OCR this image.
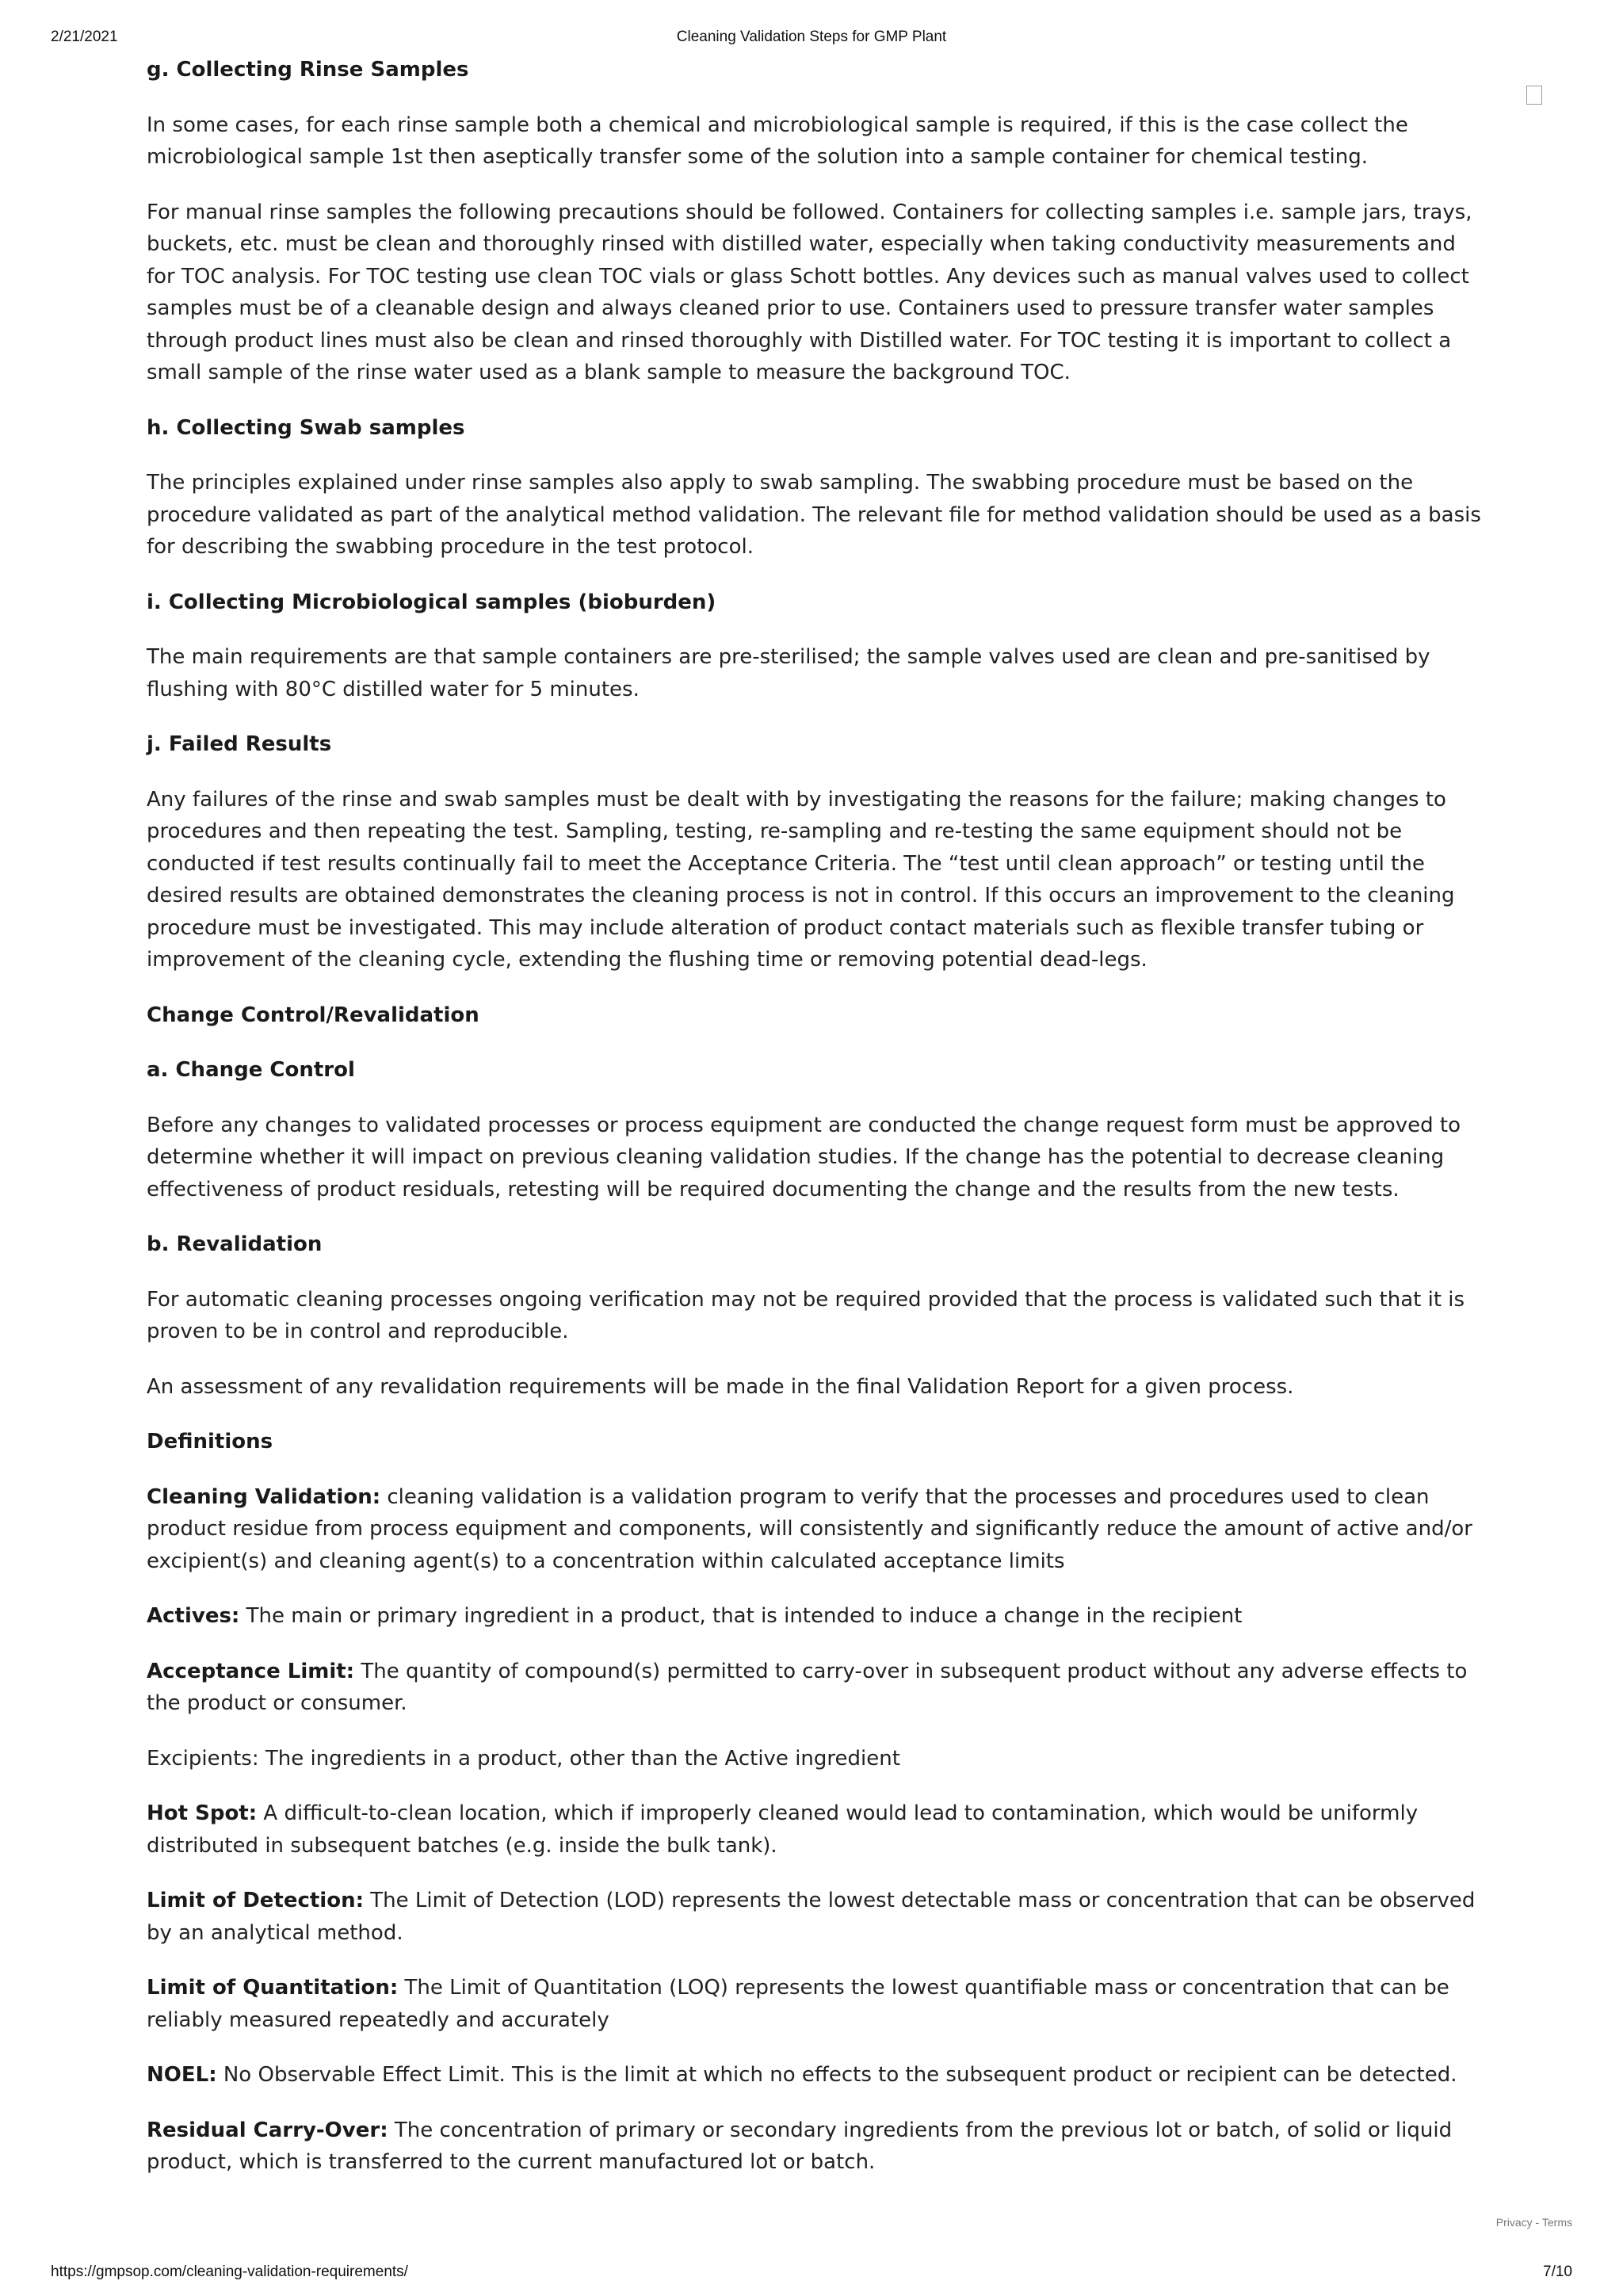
2/21/2021	Cleaning Validation Steps for GMP Plant
g. Collecting Rinse Samples

In some cases, for each rinse sample both a chemical and microbiological sample is required, if this is the case collect the microbiological sample 1st then aseptically transfer some of the solution into a sample container for chemical testing.

For manual rinse samples the following precautions should be followed. Containers for collecting samples i.e. sample jars, trays, buckets, etc. must be clean and thoroughly rinsed with distilled water, especially when taking conductivity measurements and for TOC analysis. For TOC testing use clean TOC vials or glass Schott bottles. Any devices such as manual valves used to collect samples must be of a cleanable design and always cleaned prior to use. Containers used to pressure transfer water samples through product lines must also be clean and rinsed thoroughly with Distilled water. For TOC testing it is important to collect a small sample of the rinse water used as a blank sample to measure the background TOC.

h. Collecting Swab samples

The principles explained under rinse samples also apply to swab sampling. The swabbing procedure must be based on the procedure validated as part of the analytical method validation. The relevant file for method validation should be used as a basis for describing the swabbing procedure in the test protocol.

i. Collecting Microbiological samples (bioburden)

The main requirements are that sample containers are pre-sterilised; the sample valves used are clean and pre-sanitised by flushing with 80°C distilled water for 5 minutes.

j. Failed Results

Any failures of the rinse and swab samples must be dealt with by investigating the reasons for the failure; making changes to procedures and then repeating the test. Sampling, testing, re-sampling and re-testing the same equipment should not be conducted if test results continually fail to meet the Acceptance Criteria. The “test until clean approach” or testing until the desired results are obtained demonstrates the cleaning process is not in control. If this occurs an improvement to the cleaning procedure must be investigated. This may include alteration of product contact materials such as flexible transfer tubing or improvement of the cleaning cycle, extending the flushing time or removing potential dead-legs.

Change Control/Revalidation
a. Change Control

Before any changes to validated processes or process equipment are conducted the change request form must be approved to determine whether it will impact on previous cleaning validation studies. If the change has the potential to decrease cleaning effectiveness of product residuals, retesting will be required documenting the change and the results from the new tests.

b. Revalidation

For automatic cleaning processes ongoing verification may not be required provided that the process is validated such that it is proven to be in control and reproducible.

An assessment of any revalidation requirements will be made in the final Validation Report for a given process.

Definitions

Cleaning Validation: cleaning validation is a validation program to verify that the processes and procedures used to clean product residue from process equipment and components, will consistently and significantly reduce the amount of active and/or excipient(s) and cleaning agent(s) to a concentration within calculated acceptance limits

Actives: The main or primary ingredient in a product, that is intended to induce a change in the recipient

Acceptance Limit: The quantity of compound(s) permitted to carry-over in subsequent product without any adverse effects to the product or consumer.

Excipients: The ingredients in a product, other than the Active ingredient

Hot Spot: A difficult-to-clean location, which if improperly cleaned would lead to contamination, which would be uniformly distributed in subsequent batches (e.g. inside the bulk tank).

Limit of Detection: The Limit of Detection (LOD) represents the lowest detectable mass or concentration that can be observed by an analytical method.

Limit of Quantitation: The Limit of Quantitation (LOQ) represents the lowest quantifiable mass or concentration that can be reliably measured repeatedly and accurately

NOEL: No Observable Effect Limit. This is the limit at which no effects to the subsequent product or recipient can be detected.

Residual Carry-Over: The concentration of primary or secondary ingredients from the previous lot or batch, of solid or liquid product, which is transferred to the current manufactured lot or batch.

Privacy - Terms
https://gmpsop.com/cleaning-validation-requirements/	7/10
